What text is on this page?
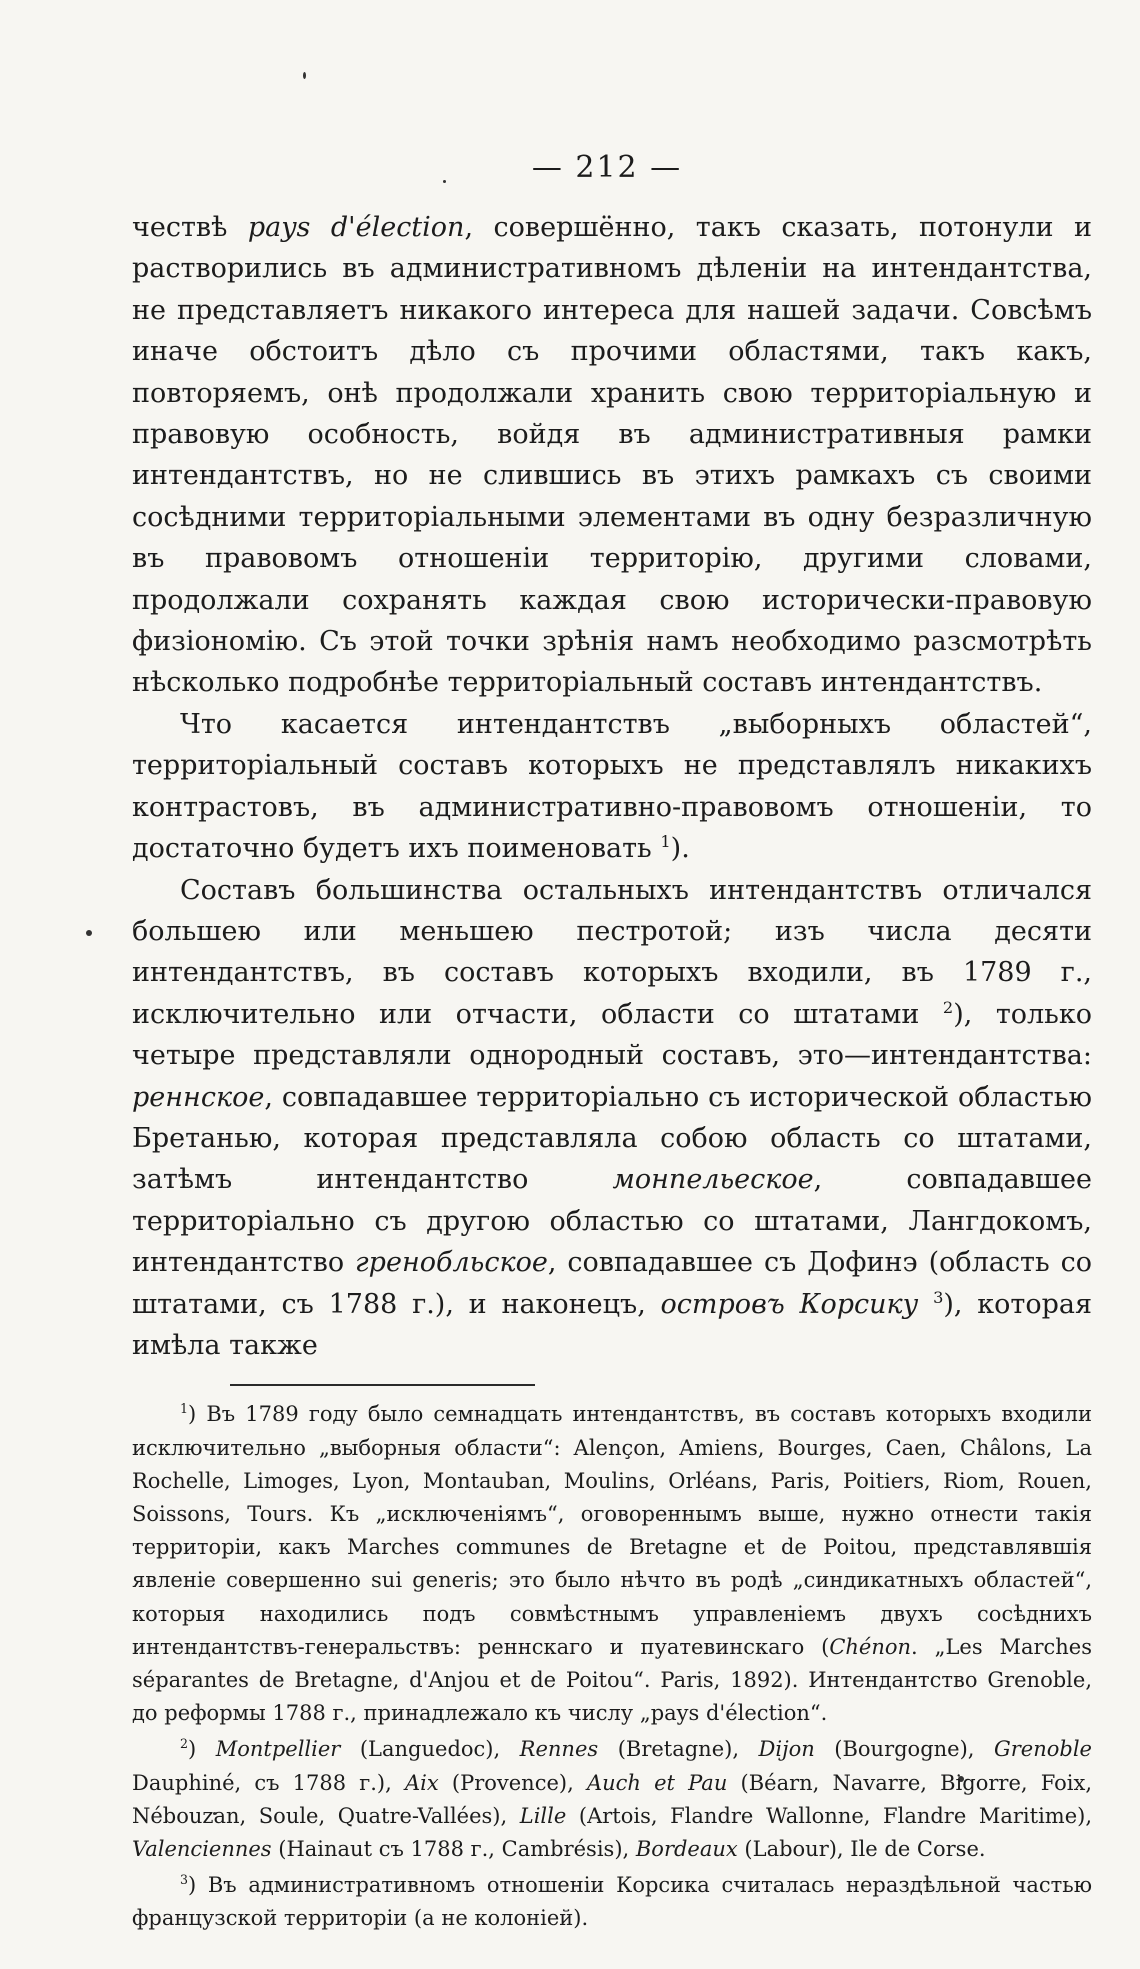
— 212 —

чествѣ pays d'élection, совершённо, такъ сказать, потонули и растворились въ административномъ дѣленіи на интендантства, не представляетъ никакого интереса для нашей задачи. Совсѣмъ иначе обстоитъ дѣло съ прочими областями, такъ какъ, повторяемъ, онѣ продолжали хранить свою территоріальную и правовую особность, войдя въ административныя рамки интендантствъ, но не слившись въ этихъ рамкахъ съ своими сосѣдними территоріальными элементами въ одну безразличную въ правовомъ отношеніи территорію, другими словами, продолжали сохранять каждая свою исторически-правовую физіономію. Съ этой точки зрѣнія намъ необходимо разсмотрѣть нѣсколько подробнѣе территоріальный составъ интендантствъ.

Что касается интендантствъ „выборныхъ областей“, территоріальный составъ которыхъ не представлялъ никакихъ контрастовъ, въ административно-правовомъ отношеніи, то достаточно будетъ ихъ поименовать $^1$).

Составъ большинства остальныхъ интендантствъ отличался большею или меньшею пестротой; изъ числа десяти интендантствъ, въ составъ которыхъ входили, въ 1789 г., исключительно или отчасти, области со штатами $^2$), только четыре представляли однородный составъ, это—интендантства: реннское, совпадавшее территоріально съ исторической областью Бретанью, которая представляла собою область со штатами, затѣмъ интендантство монпельеское, совпадавшее территоріально съ другою областью со штатами, Лангдокомъ, интендантство гренобльское, совпадавшее съ Дофинэ (область со штатами, съ 1788 г.), и наконецъ, островъ Корсику $^3$), которая имѣла также

$^1$) Въ 1789 году было семнадцать интендантствъ, въ составъ которыхъ входили исключительно „выборныя области“: Alençon, Amiens, Bourges, Caen, Châlons, La Rochelle, Limoges, Lyon, Montauban, Moulins, Orléans, Paris, Poitiers, Riom, Rouen, Soissons, Tours. Къ „исключеніямъ“, оговореннымъ выше, нужно отнести такія территоріи, какъ Marches communes de Bretagne et de Poitou, представлявшія явленіе совершенно sui generis; это было нѣчто въ родѣ „синдикатныхъ областей“, которыя находились подъ совмѣстнымъ управленіемъ двухъ сосѣднихъ интендантствъ-генеральствъ: реннскаго и пуатевинскаго (Chénon. „Les Marches séparantes de Bretagne, d'Anjou et de Poitou“. Paris, 1892). Интендантство Grenoble, до реформы 1788 г., принадлежало къ числу „pays d'élection“.

$^2$) Montpellier (Languedoc), Rennes (Bretagne), Dijon (Bourgogne), Grenoble Dauphiné, съ 1788 г.), Aix (Provence), Auch et Pau (Béarn, Navarre, Bigorre, Foix, Nébouzan, Soule, Quatre-Vallées), Lille (Artois, Flandre Wallonne, Flandre Maritime), Valenciennes (Hainaut съ 1788 г., Cambrésis), Bordeaux (Labour), Ile de Corse.

$^3$) Въ административномъ отношеніи Корсика считалась нераздѣльной частью французской территоріи (а не колоніей).
